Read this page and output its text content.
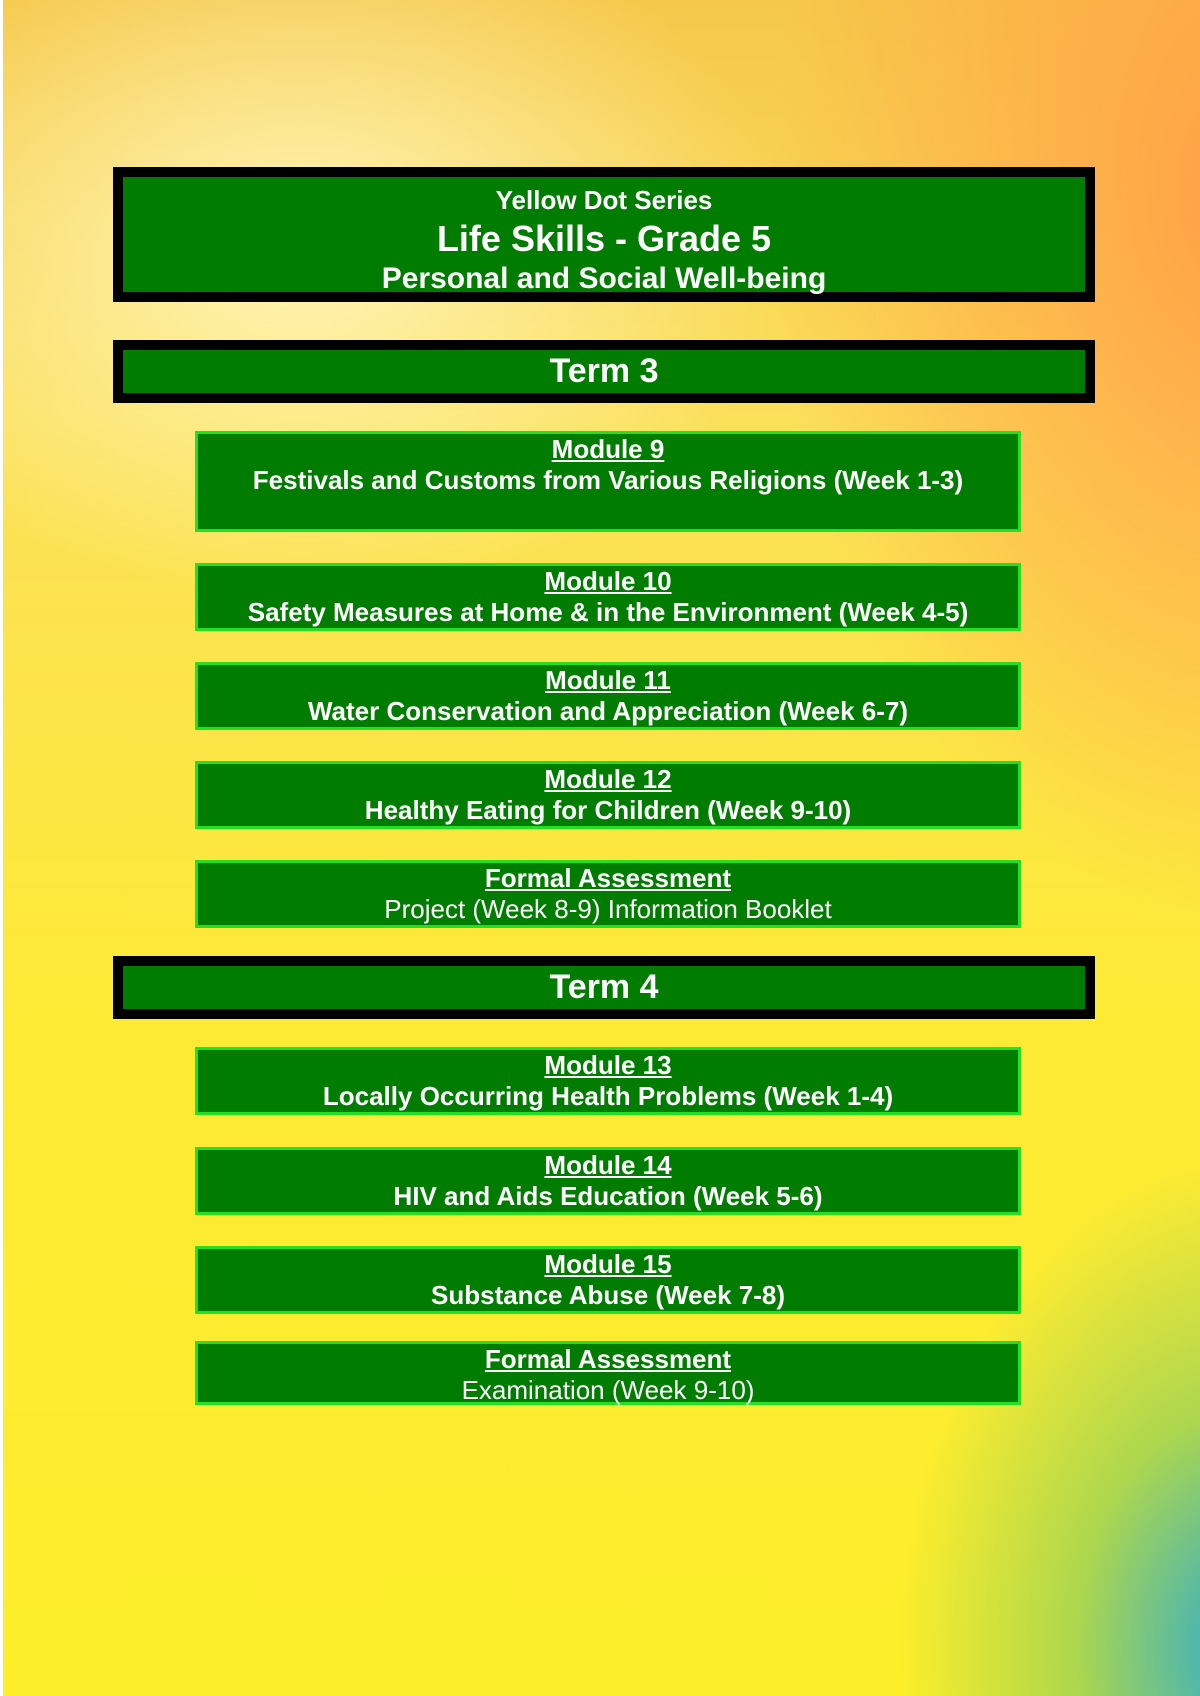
Yellow Dot Series
Life Skills - Grade 5
Personal and Social Well-being
Term 3
Module 9
Festivals and Customs from Various Religions (Week 1-3)
Module 10
Safety Measures at Home & in the Environment (Week 4-5)
Module 11
Water Conservation and Appreciation (Week 6-7)
Module 12
Healthy Eating for Children (Week 9-10)
Formal Assessment
Project (Week 8-9) Information Booklet
Term 4
Module 13
Locally Occurring Health Problems (Week 1-4)
Module 14
HIV and Aids Education (Week 5-6)
Module 15
Substance Abuse (Week 7-8)
Formal Assessment
Examination (Week 9-10)
